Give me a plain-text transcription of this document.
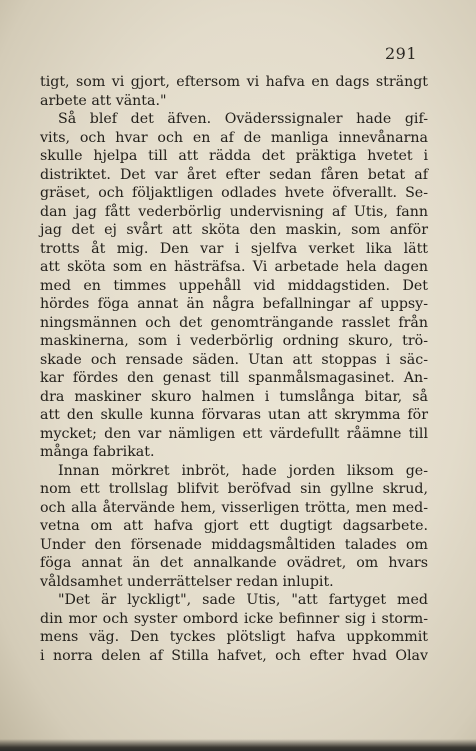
291
tigt, som vi gjort, eftersom vi hafva en dags strängt
arbete att vänta."
Så blef det äfven. Oväderssignaler hade gif-
vits, och hvar och en af de manliga innevånarna
skulle hjelpa till att rädda det präktiga hvetet i
distriktet. Det var året efter sedan fåren betat af
gräset, och följaktligen odlades hvete öfverallt. Se-
dan jag fått vederbörlig undervisning af Utis, fann
jag det ej svårt att sköta den maskin, som anför
trotts åt mig. Den var i sjelfva verket lika lätt
att sköta som en hästräfsa. Vi arbetade hela dagen
med en timmes uppehåll vid middagstiden. Det
hördes föga annat än några befallningar af uppsy-
ningsmännen och det genomträngande rasslet från
maskinerna, som i vederbörlig ordning skuro, trö-
skade och rensade säden. Utan att stoppas i säc-
kar fördes den genast till spanmålsmagasinet. An-
dra maskiner skuro halmen i tumslånga bitar, så
att den skulle kunna förvaras utan att skrymma för
mycket; den var nämligen ett värdefullt råämne till
många fabrikat.
Innan mörkret inbröt, hade jorden liksom ge-
nom ett trollslag blifvit beröfvad sin gyllne skrud,
och alla återvände hem, visserligen trötta, men med-
vetna om att hafva gjort ett dugtigt dagsarbete.
Under den försenade middagsmåltiden talades om
föga annat än det annalkande ovädret, om hvars
våldsamhet underrättelser redan inlupit.
"Det är lyckligt", sade Utis, "att fartyget med
din mor och syster ombord icke befinner sig i storm-
mens väg. Den tyckes plötsligt hafva uppkommit
i norra delen af Stilla hafvet, och efter hvad Olav
